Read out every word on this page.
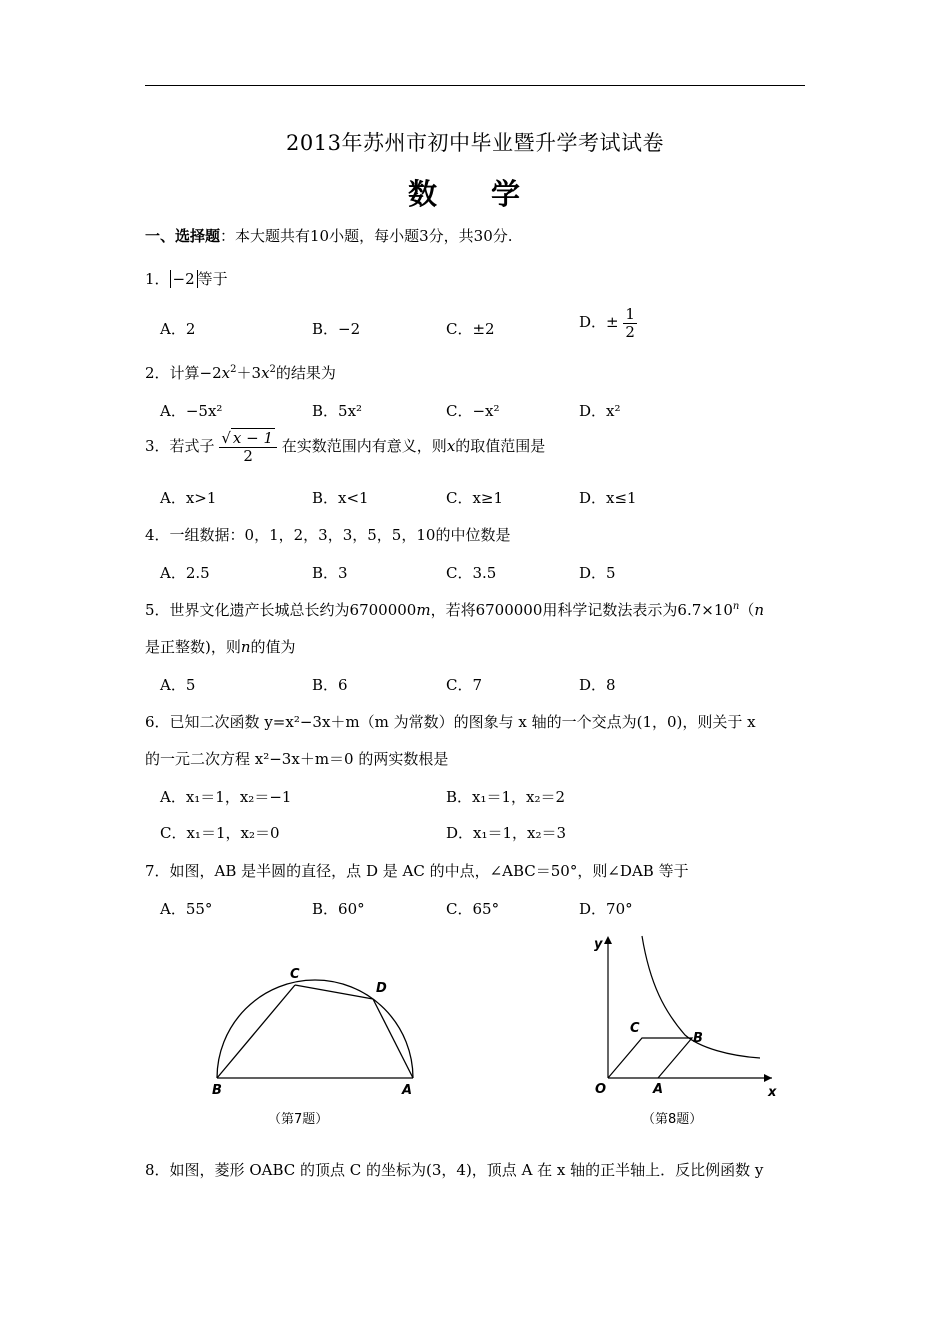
2013年苏州市初中毕业暨升学考试试卷
数 学
一、选择题：本大题共有10小题，每小题3分，共30分.
1． −2 等于
A．2	B．−2	C．±2	D．± $\frac{1}{2}$
2．计算$-2x^2+3x^2$的结果为
A．−5x²	B．5x²	C．−x²	D．x²
3．若式子 $\frac{√ x - 1}{2}$ 在实数范围内有意义，则x的取值范围是
A．x>1	B．x<1	C．x≥1	D．x≤1
4．一组数据：0，1，2，3，3，5，5，10的中位数是
A．2.5	B．3	C．3.5	D．5
5．世界文化遗产长城总长约为6700000m，若将6700000用科学记数法表示为$6.7\times 10^n(n$
是正整数)，则n的值为
A．5	B．6	C．7	D．8
6．已知二次函数 y=x²−3x＋m（m 为常数）的图象与 x 轴的一个交点为(1，0)，则关于 x
的一元二次方程 x²−3x＋m＝0 的两实数根是
A．x₁＝1，x₂＝−1	B．x₁＝1，x₂＝2
C．x₁＝1，x₂＝0	D．x₁＝1，x₂＝3
7．如图，AB 是半圆的直径，点 D 是 AC 的中点，∠ABC＝50°，则∠DAB 等于
A．55°	B．60°	C．65°	D．70°
C
D
B	A
（第7题）
y
x
O	A
B
C
（第8题）
8．如图，菱形 OABC 的顶点 C 的坐标为(3，4)，顶点 A 在 x 轴的正半轴上．反比例函数 y
